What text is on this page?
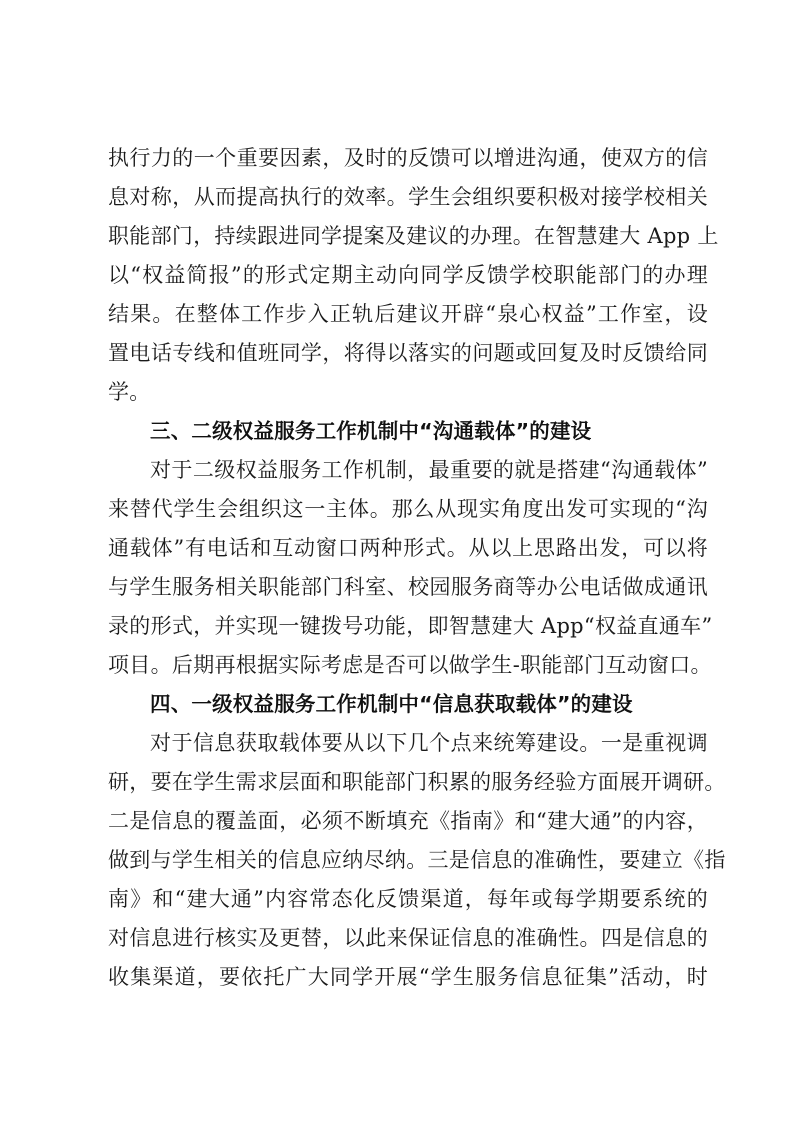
执行力的一个重要因素，及时的反馈可以增进沟通，使双方的信
息对称，从而提高执行的效率。学生会组织要积极对接学校相关
职能部门，持续跟进同学提案及建议的办理。在智慧建大 App 上
以“权益简报”的形式定期主动向同学反馈学校职能部门的办理
结果。在整体工作步入正轨后建议开辟“泉心权益”工作室，设
置电话专线和值班同学，将得以落实的问题或回复及时反馈给同
学。
三、二级权益服务工作机制中“沟通载体”的建设
对于二级权益服务工作机制，最重要的就是搭建“沟通载体”
来替代学生会组织这一主体。那么从现实角度出发可实现的“沟
通载体”有电话和互动窗口两种形式。从以上思路出发，可以将
与学生服务相关职能部门科室、校园服务商等办公电话做成通讯
录的形式，并实现一键拨号功能，即智慧建大 App“权益直通车”
项目。后期再根据实际考虑是否可以做学生-职能部门互动窗口。
四、一级权益服务工作机制中“信息获取载体”的建设
对于信息获取载体要从以下几个点来统筹建设。一是重视调
研，要在学生需求层面和职能部门积累的服务经验方面展开调研。
二是信息的覆盖面，必须不断填充《指南》和“建大通”的内容，
做到与学生相关的信息应纳尽纳。三是信息的准确性，要建立《指
南》和“建大通”内容常态化反馈渠道，每年或每学期要系统的
对信息进行核实及更替，以此来保证信息的准确性。四是信息的
收集渠道，要依托广大同学开展“学生服务信息征集”活动，时
